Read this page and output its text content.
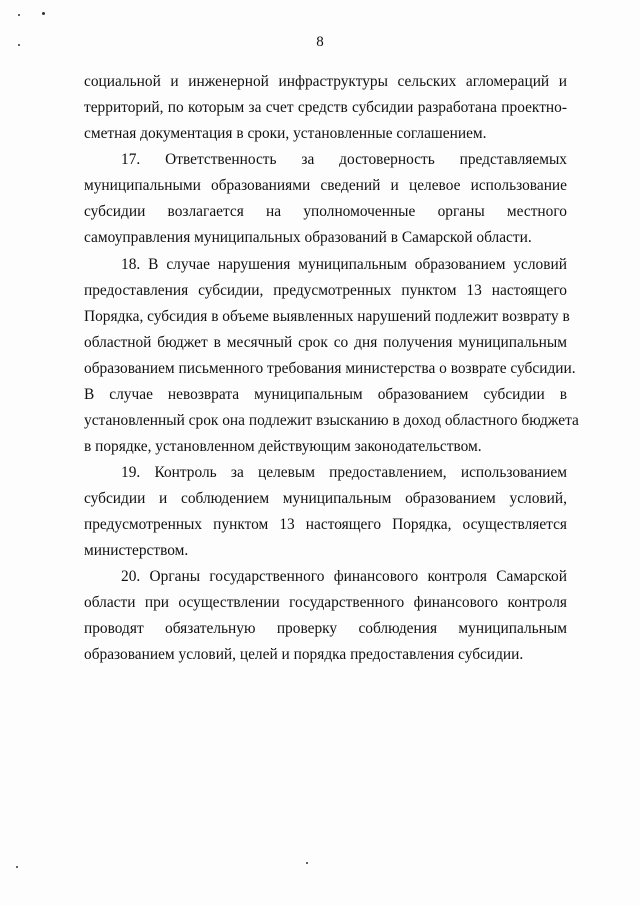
8
социальной и инженерной инфраструктуры сельских агломераций и
территорий, по которым за счет средств субсидии разработана проектно-
сметная документация в сроки, установленные соглашением.
17. Ответственность за достоверность представляемых
муниципальными образованиями сведений и целевое использование
субсидии возлагается на уполномоченные органы местного
самоуправления муниципальных образований в Самарской области.
18. В случае нарушения муниципальным образованием условий
предоставления субсидии, предусмотренных пунктом 13 настоящего
Порядка, субсидия в объеме выявленных нарушений подлежит возврату в
областной бюджет в месячный срок со дня получения муниципальным
образованием письменного требования министерства о возврате субсидии.
В случае невозврата муниципальным образованием субсидии в
установленный срок она подлежит взысканию в доход областного бюджета
в порядке, установленном действующим законодательством.
19. Контроль за целевым предоставлением, использованием
субсидии и соблюдением муниципальным образованием условий,
предусмотренных пунктом 13 настоящего Порядка, осуществляется
министерством.
20. Органы государственного финансового контроля Самарской
области при осуществлении государственного финансового контроля
проводят обязательную проверку соблюдения муниципальным
образованием условий, целей и порядка предоставления субсидии.
